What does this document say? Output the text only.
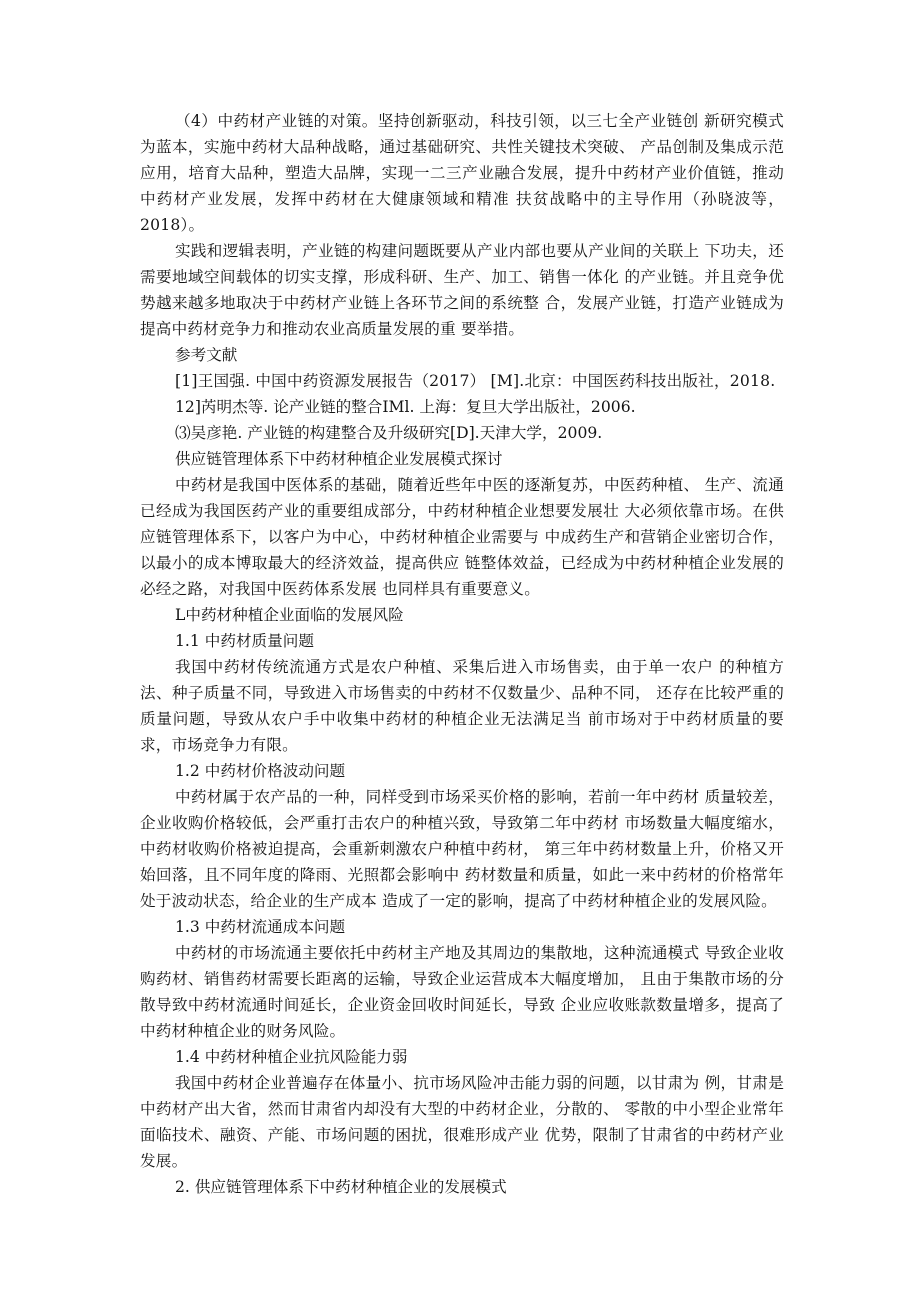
（4）中药材产业链的对策。坚持创新驱动，科技引领，以三七全产业链创 新研究模式为蓝本，实施中药材大品种战略，通过基础研究、共性关键技术突破、 产品创制及集成示范应用，培育大品种，塑造大品牌，实现一二三产业融合发展，提升中药材产业价值链，推动中药材产业发展，发挥中药材在大健康领域和精准 扶贫战略中的主导作用（孙晓波等，2018）。

实践和逻辑表明，产业链的构建问题既要从产业内部也要从产业间的关联上 下功夫，还需要地域空间载体的切实支撑，形成科研、生产、加工、销售一体化 的产业链。并且竞争优势越来越多地取决于中药材产业链上各环节之间的系统整 合，发展产业链，打造产业链成为提高中药材竞争力和推动农业高质量发展的重 要举措。

参考文献

[1]王国强. 中国中药资源发展报告（2017） [M].北京：中国医药科技出版社，2018.

12]芮明杰等. 论产业链的整合IMl. 上海：复旦大学出版社，2006.

⑶吴彦艳. 产业链的构建整合及升级研究[D].天津大学，2009.

供应链管理体系下中药材种植企业发展模式探讨

中药材是我国中医体系的基础，随着近些年中医的逐渐复苏，中医药种植、 生产、流通已经成为我国医药产业的重要组成部分，中药材种植企业想要发展壮 大必须依靠市场。在供应链管理体系下，以客户为中心，中药材种植企业需要与 中成药生产和营销企业密切合作，以最小的成本博取最大的经济效益，提高供应 链整体效益，已经成为中药材种植企业发展的必经之路，对我国中医药体系发展 也同样具有重要意义。

L中药材种植企业面临的发展风险

1.1 中药材质量问题

我国中药材传统流通方式是农户种植、采集后进入市场售卖，由于单一农户 的种植方法、种子质量不同，导致进入市场售卖的中药材不仅数量少、品种不同， 还存在比较严重的质量问题，导致从农户手中收集中药材的种植企业无法满足当 前市场对于中药材质量的要求，市场竞争力有限。

1.2 中药材价格波动问题

中药材属于农产品的一种，同样受到市场采买价格的影响，若前一年中药材 质量较差，企业收购价格较低，会严重打击农户的种植兴致，导致第二年中药材 市场数量大幅度缩水，中药材收购价格被迫提高，会重新刺激农户种植中药材， 第三年中药材数量上升，价格又开始回落，且不同年度的降雨、光照都会影响中 药材数量和质量，如此一来中药材的价格常年处于波动状态，给企业的生产成本 造成了一定的影响，提高了中药材种植企业的发展风险。

1.3 中药材流通成本问题

中药材的市场流通主要依托中药材主产地及其周边的集散地，这种流通模式 导致企业收购药材、销售药材需要长距离的运输，导致企业运营成本大幅度增加， 且由于集散市场的分散导致中药材流通时间延长，企业资金回收时间延长，导致 企业应收账款数量增多，提高了中药材种植企业的财务风险。

1.4 中药材种植企业抗风险能力弱

我国中药材企业普遍存在体量小、抗市场风险冲击能力弱的问题，以甘肃为 例，甘肃是中药材产出大省，然而甘肃省内却没有大型的中药材企业，分散的、 零散的中小型企业常年面临技术、融资、产能、市场问题的困扰，很难形成产业 优势，限制了甘肃省的中药材产业发展。

2. 供应链管理体系下中药材种植企业的发展模式
